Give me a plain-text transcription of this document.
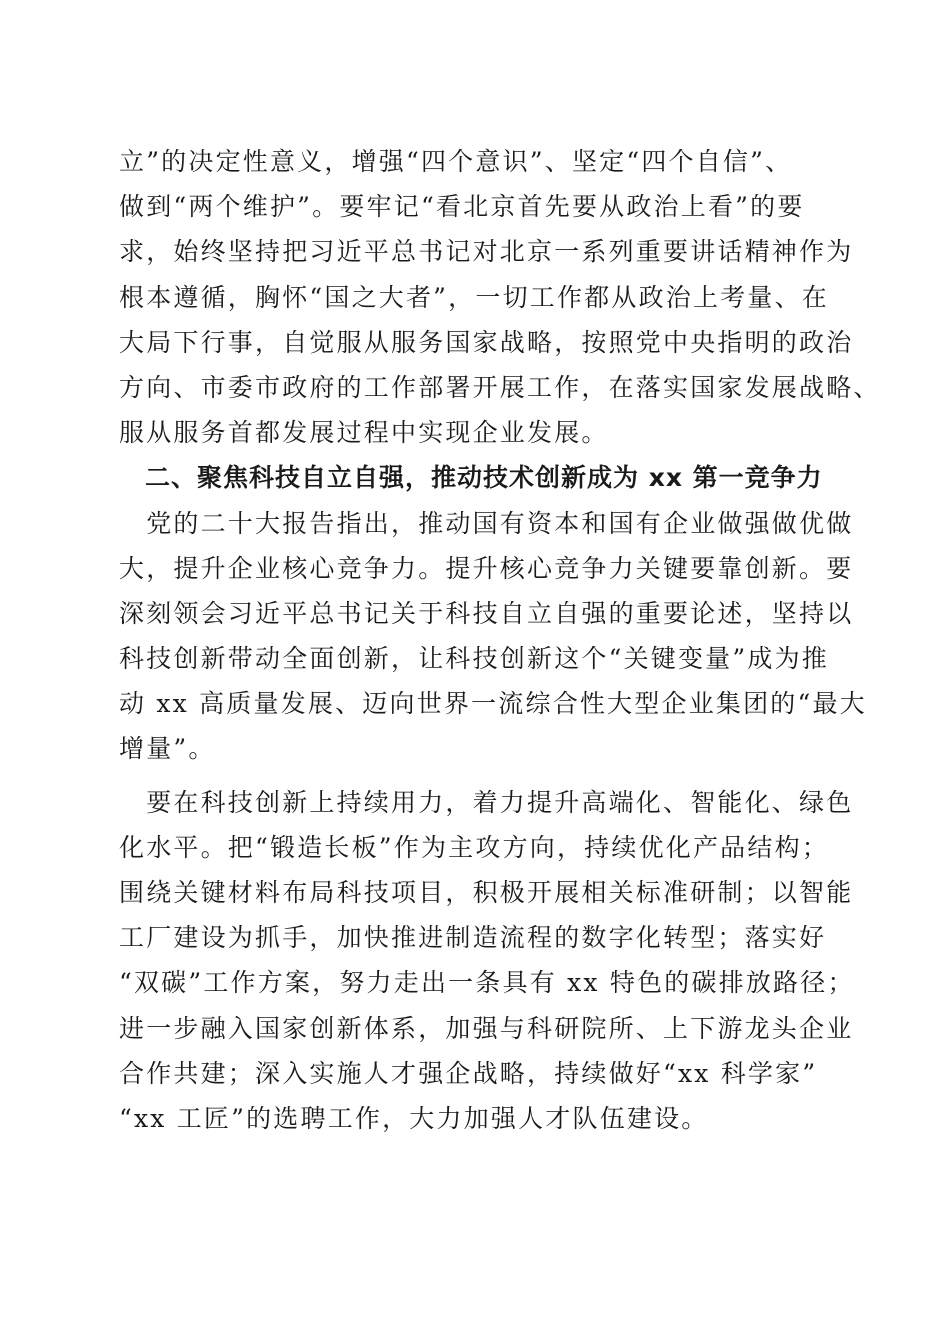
立”的决定性意义，增强“四个意识”、坚定“四个自信”、
做到“两个维护”。要牢记“看北京首先要从政治上看”的要
求，始终坚持把习近平总书记对北京一系列重要讲话精神作为
根本遵循，胸怀“国之大者”，一切工作都从政治上考量、在
大局下行事，自觉服从服务国家战略，按照党中央指明的政治
方向、市委市政府的工作部署开展工作，在落实国家发展战略、
服从服务首都发展过程中实现企业发展。
　二、聚焦科技自立自强，推动技术创新成为 xx 第一竞争力
　党的二十大报告指出，推动国有资本和国有企业做强做优做
大，提升企业核心竞争力。提升核心竞争力关键要靠创新。要
深刻领会习近平总书记关于科技自立自强的重要论述，坚持以
科技创新带动全面创新，让科技创新这个“关键变量”成为推
动 xx 高质量发展、迈向世界一流综合性大型企业集团的“最大
增量”。
　要在科技创新上持续用力，着力提升高端化、智能化、绿色
化水平。把“锻造长板”作为主攻方向，持续优化产品结构；
围绕关键材料布局科技项目，积极开展相关标准研制；以智能
工厂建设为抓手，加快推进制造流程的数字化转型；落实好
“双碳”工作方案，努力走出一条具有 xx 特色的碳排放路径；
进一步融入国家创新体系，加强与科研院所、上下游龙头企业
合作共建；深入实施人才强企战略，持续做好“xx 科学家”
“xx 工匠”的选聘工作，大力加强人才队伍建设。
